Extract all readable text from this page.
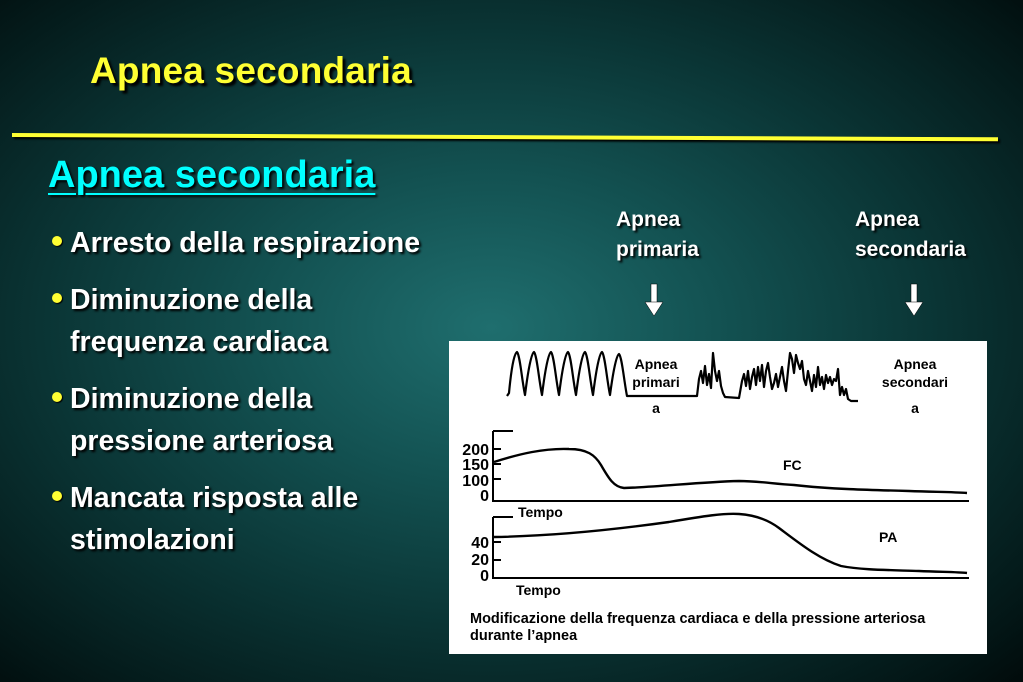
Apnea secondaria
Apnea secondaria
Arresto della respirazione
Diminuzione della frequenza cardiaca
Diminuzione della pressione arteriosa
Mancata risposta alle stimolazioni
Apnea
primaria
Apnea
secondaria
Apnea
primari
a
Apnea
secondari
a
FC
PA
200
150
100
0
40
20
0
Tempo
Tempo

Modificazione della frequenza cardiaca e della pressione arteriosa durante l’apnea
